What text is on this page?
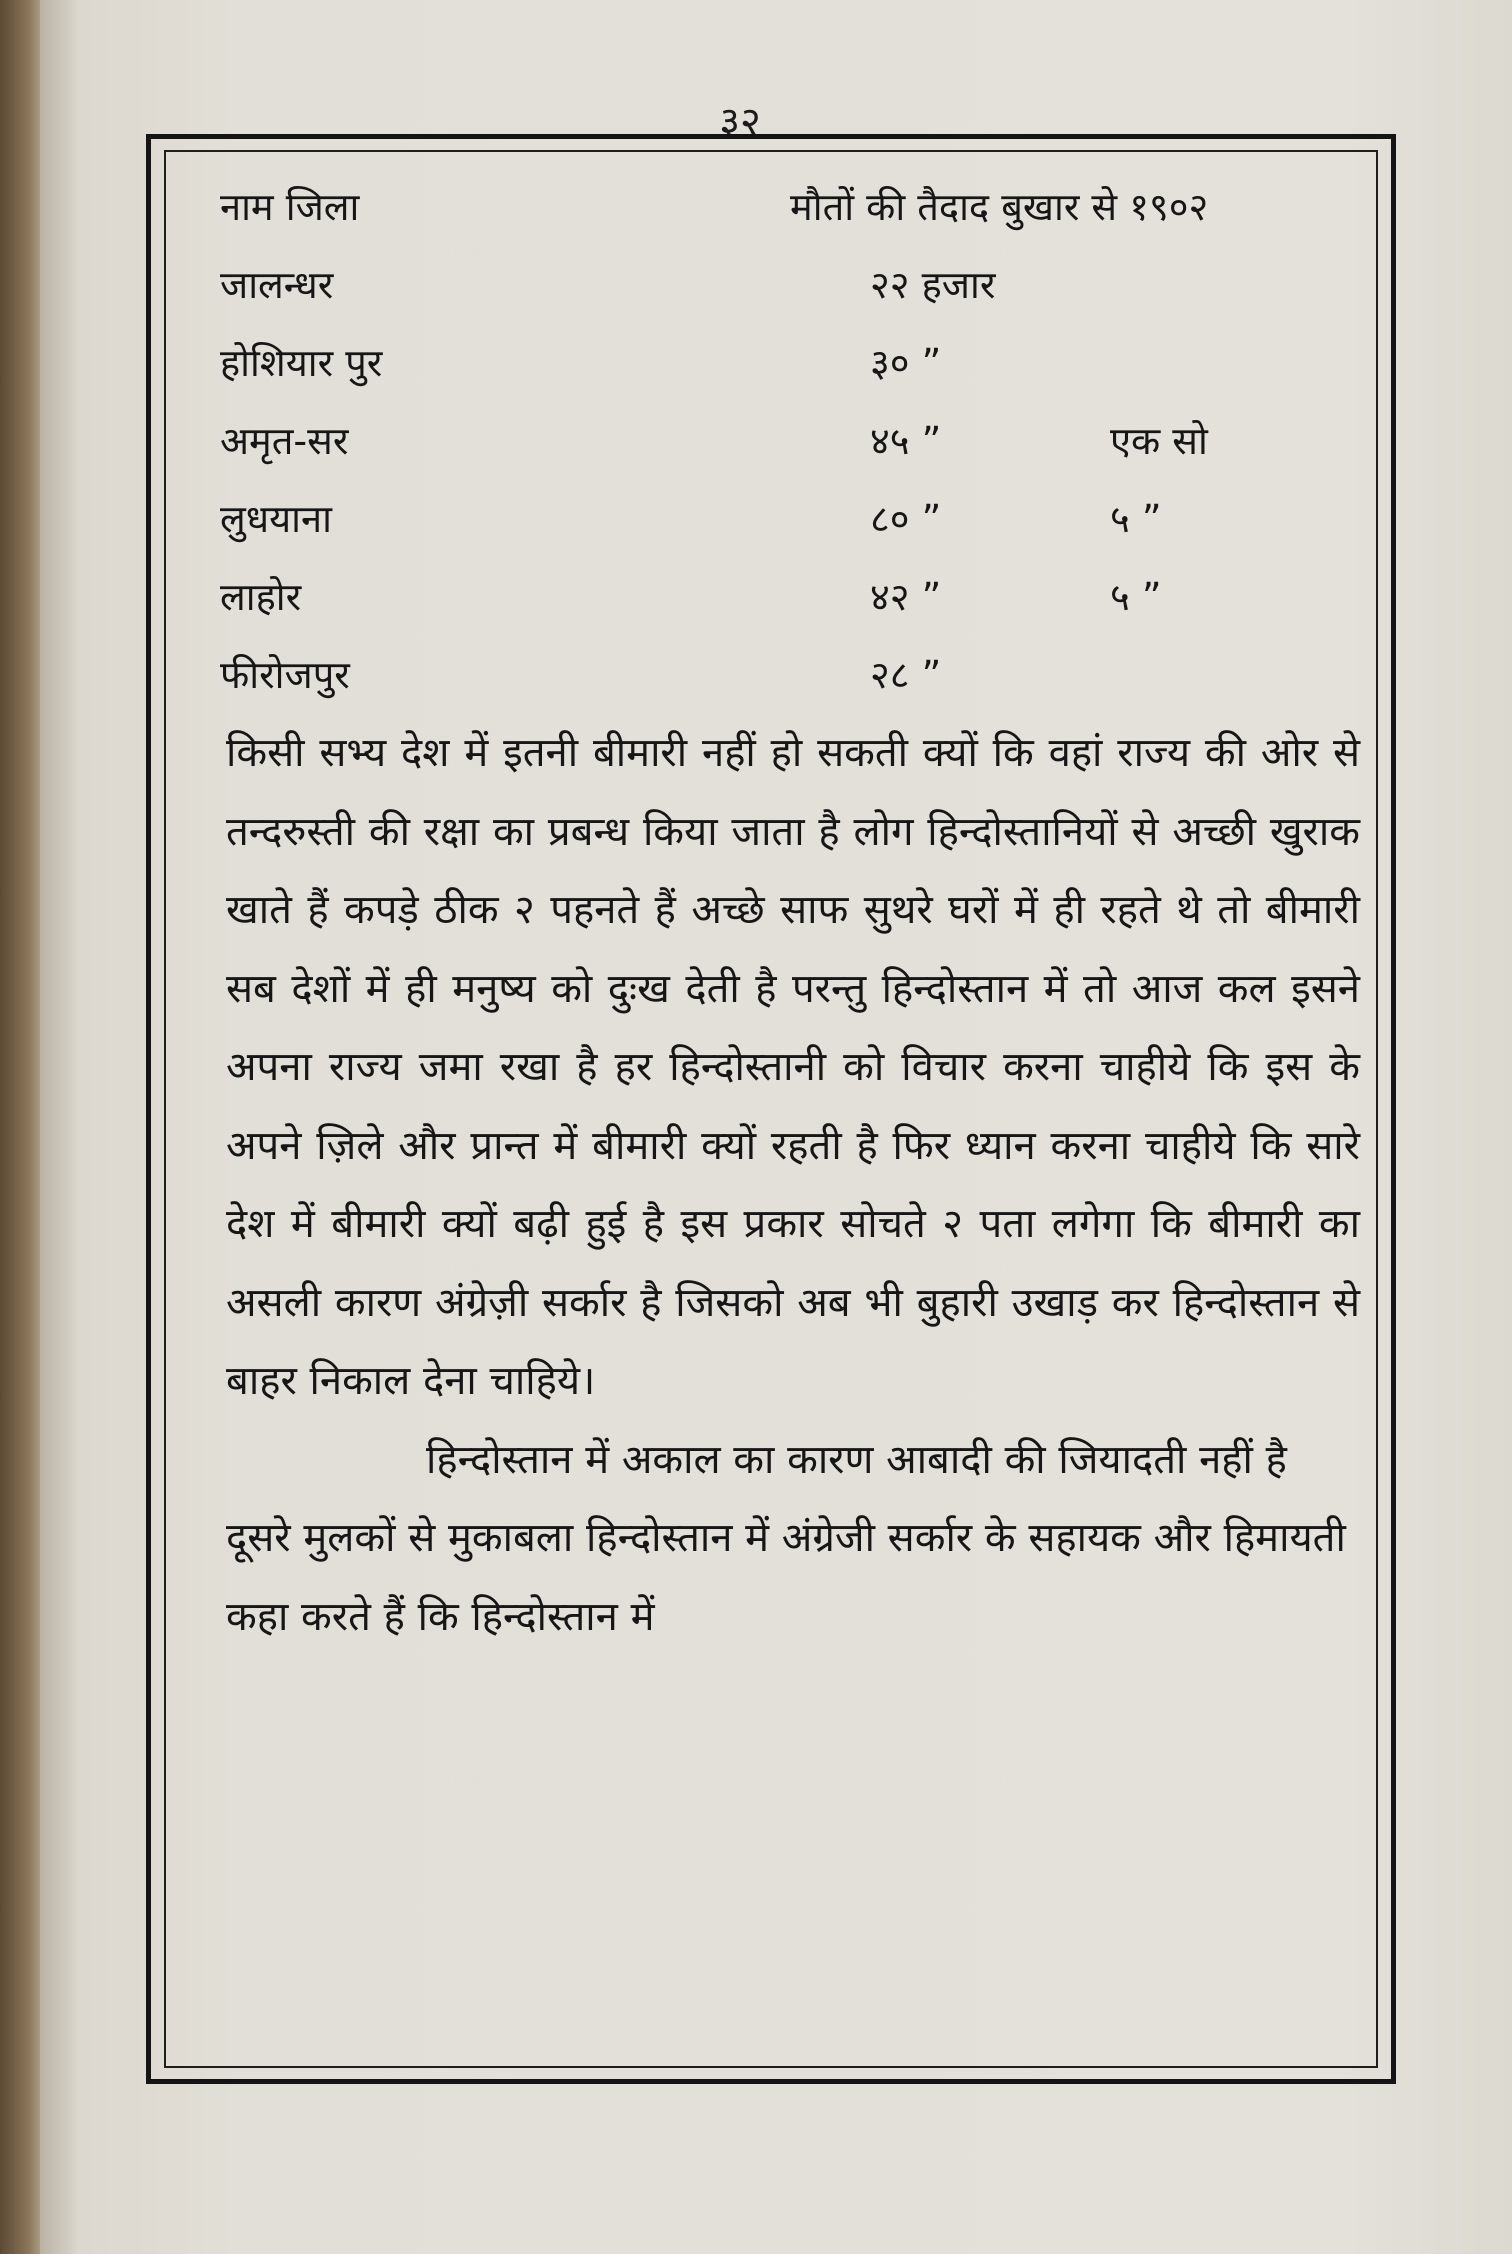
३२
नाम जिला	मौतों की तैदाद बुखार से १९०२
जालन्धर	२२ हजार
होशियार पुर	३० ”
अमृत-सर	४५ ”	एक सो
लुधयाना	८० ”	५ ”
लाहोर	४२ ”	५ ”
फीरोजपुर	२८ ”

किसी सभ्य देश में इतनी बीमारी नहीं हो सकती क्यों कि वहां राज्य की ओर से तन्दरुस्ती की रक्षा का प्रबन्ध किया जाता है लोग हिन्दोस्तानियों से अच्छी खुराक खाते हैं कपड़े ठीक २ पहनते हैं अच्छे साफ सुथरे घरों में ही रहते थे तो बीमारी सब देशों में ही मनुष्य को दुःख देती है परन्तु हिन्दोस्तान में तो आज कल इसने अपना राज्य जमा रखा है हर हिन्दोस्तानी को विचार करना चाहीये कि इस के अपने ज़िले और प्रान्त में बीमारी क्यों रहती है फिर ध्यान करना चाहीये कि सारे देश में बीमारी क्यों बढ़ी हुई है इस प्रकार सोचते २ पता लगेगा कि बीमारी का असली कारण अंग्रेज़ी सर्कार है जिसको अब भी बुहारी उखाड़ कर हिन्दोस्तान से बाहर निकाल देना चाहिये।

हिन्दोस्तान में अकाल का कारण आबादी की जियादती नहीं है दूसरे मुलकों से मुकाबला हिन्दोस्तान में अंग्रेजी सर्कार के सहायक और हिमायती कहा करते हैं कि हिन्दोस्तान में
